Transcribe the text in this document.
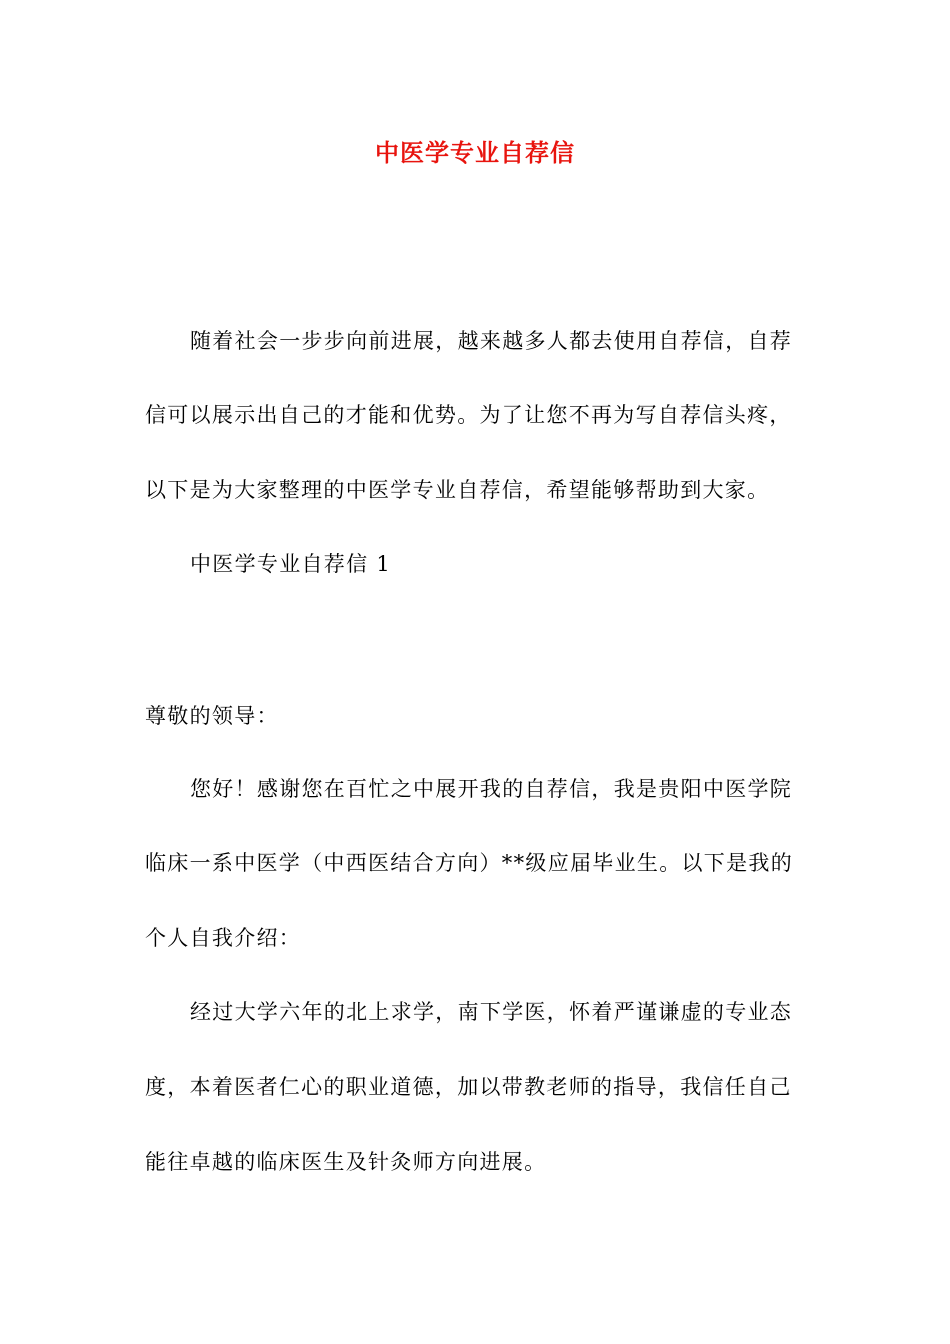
中医学专业自荐信
随着社会一步步向前进展，越来越多人都去使用自荐信，自荐
信可以展示出自己的才能和优势。为了让您不再为写自荐信头疼，
以下是为大家整理的中医学专业自荐信，希望能够帮助到大家。
中医学专业自荐信 1
尊敬的领导：
您好！感谢您在百忙之中展开我的自荐信，我是贵阳中医学院
临床一系中医学（中西医结合方向）**级应届毕业生。以下是我的
个人自我介绍：
经过大学六年的北上求学，南下学医，怀着严谨谦虚的专业态
度，本着医者仁心的职业道德，加以带教老师的指导，我信任自己
能往卓越的临床医生及针灸师方向进展。
